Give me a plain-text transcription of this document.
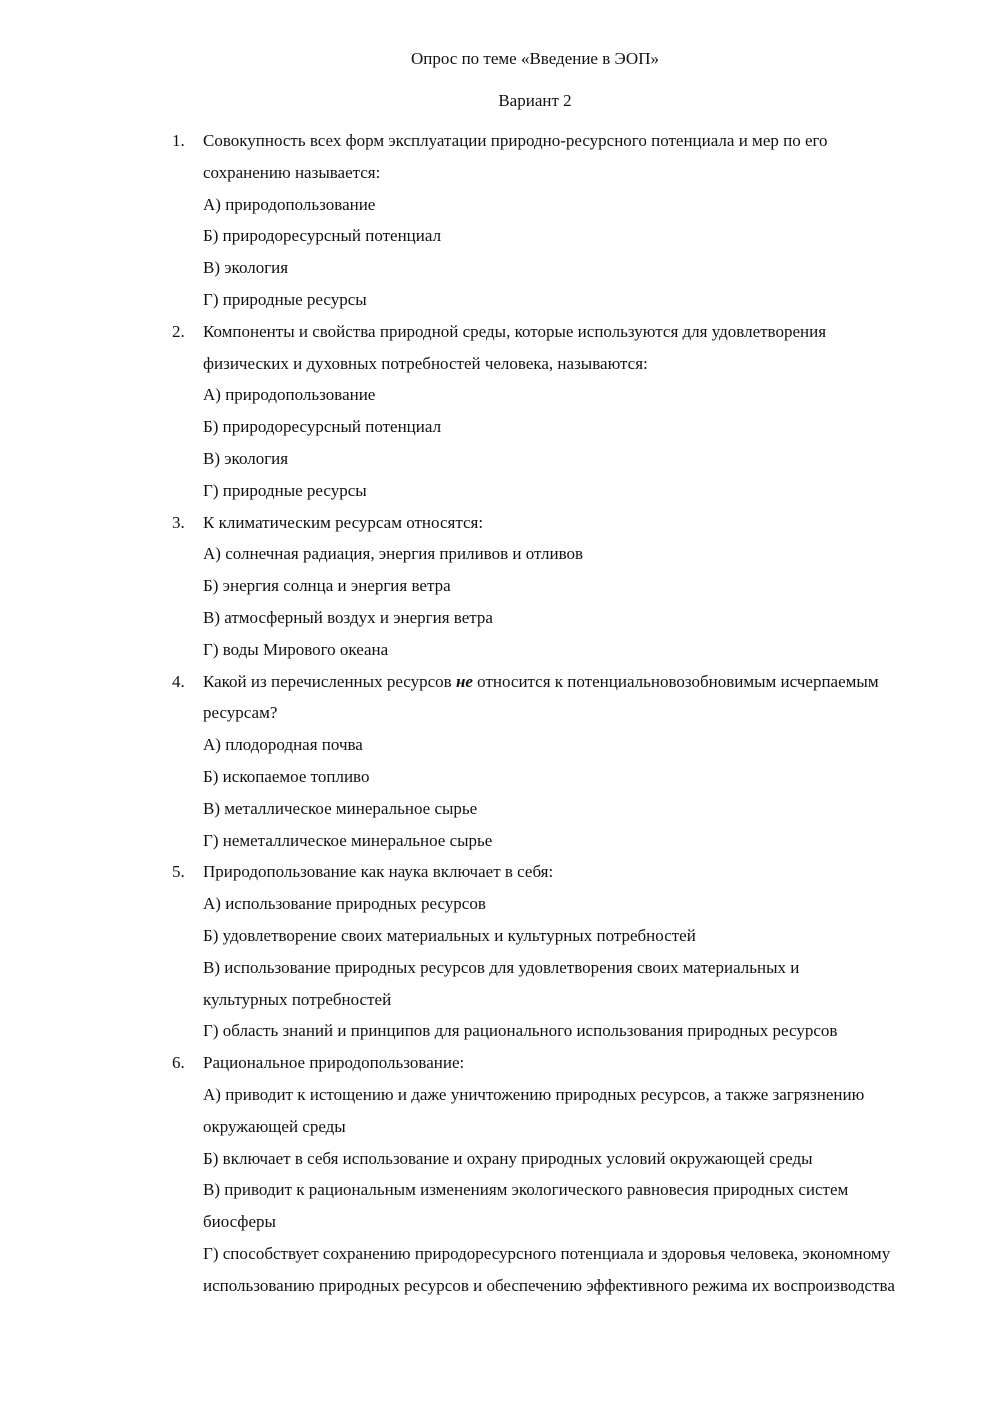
Опрос по теме «Введение в ЭОП»
Вариант 2
1. Совокупность всех форм эксплуатации природно-ресурсного потенциала и мер по его сохранению называется:
А) природопользование
Б) природоресурсный потенциал
В) экология
Г) природные ресурсы
2. Компоненты и свойства природной среды, которые используются для удовлетворения физических и духовных потребностей человека, называются:
А) природопользование
Б) природоресурсный потенциал
В) экология
Г) природные ресурсы
3. К климатическим ресурсам относятся:
А) солнечная радиация, энергия приливов и отливов
Б) энергия солнца и энергия ветра
В) атмосферный воздух и энергия ветра
Г) воды Мирового океана
4. Какой из перечисленных ресурсов не относится к потенциальновозобновимым исчерпаемым ресурсам?
А) плодородная почва
Б) ископаемое топливо
В) металлическое минеральное сырье
Г) неметаллическое минеральное сырье
5. Природопользование как наука включает в себя:
А) использование природных ресурсов
Б) удовлетворение своих материальных и культурных потребностей
В) использование природных ресурсов для удовлетворения своих материальных и культурных потребностей
Г) область знаний и принципов для рационального использования природных ресурсов
6. Рациональное природопользование:
А) приводит к истощению и даже уничтожению природных ресурсов, а также загрязнению окружающей среды
Б) включает в себя использование и охрану природных условий окружающей среды
В) приводит к рациональным изменениям экологического равновесия природных систем биосферы
Г) способствует сохранению природоресурсного потенциала и здоровья человека, экономному использованию природных ресурсов и обеспечению эффективного режима их воспроизводства
